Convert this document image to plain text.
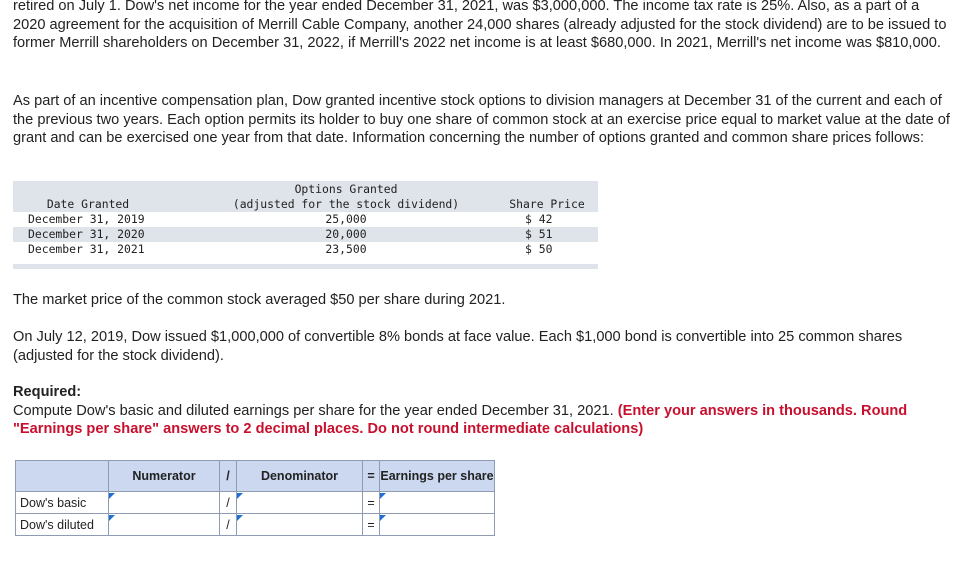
retired on July 1. Dow's net income for the year ended December 31, 2021, was $3,000,000. The income tax rate is 25%. Also, as a part of a 2020 agreement for the acquisition of Merrill Cable Company, another 24,000 shares (already adjusted for the stock dividend) are to be issued to former Merrill shareholders on December 31, 2022, if Merrill's 2022 net income is at least $680,000. In 2021, Merrill's net income was $810,000.

As part of an incentive compensation plan, Dow granted incentive stock options to division managers at December 31 of the current and each of the previous two years. Each option permits its holder to buy one share of common stock at an exercise price equal to market value at the date of grant and can be exercised one year from that date. Information concerning the number of options granted and common share prices follows:

Options Granted
Date Granted	(adjusted for the stock dividend)	Share Price
December 31, 2019	25,000	$ 42
December 31, 2020	20,000	$ 51
December 31, 2021	23,500	$ 50

The market price of the common stock averaged $50 per share during 2021.

On July 12, 2019, Dow issued $1,000,000 of convertible 8% bonds at face value. Each $1,000 bond is convertible into 25 common shares (adjusted for the stock dividend).

Required:
Compute Dow's basic and diluted earnings per share for the year ended December 31, 2021. (Enter your answers in thousands. Round "Earnings per share" answers to 2 decimal places. Do not round intermediate calculations)
	Numerator	/	Denominator	=	Earnings per share
Dow's basic		/		=	

Dow's diluted		/		=	
